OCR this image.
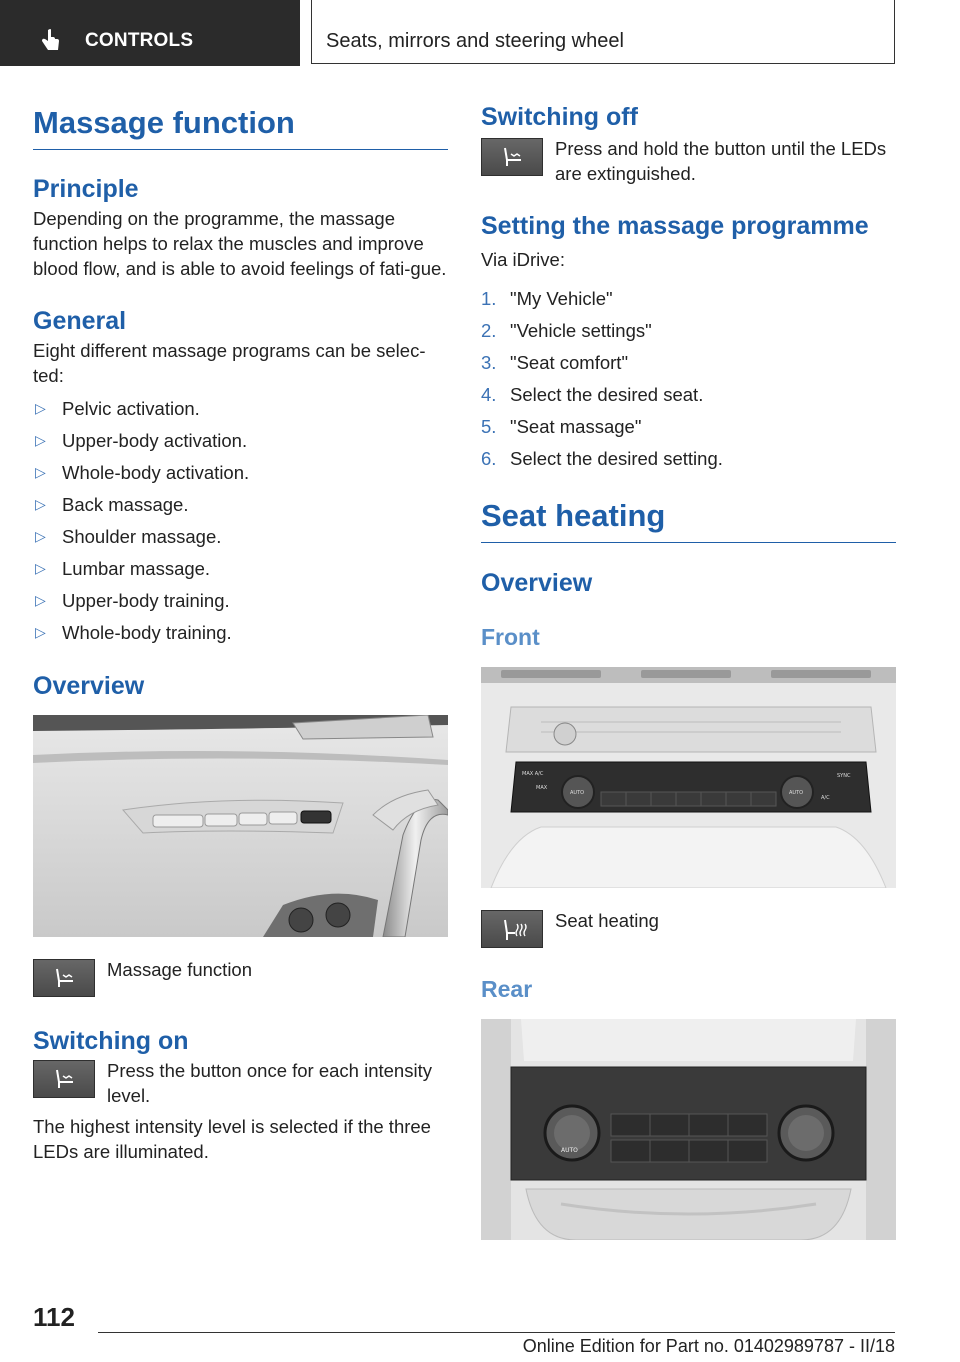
CONTROLS	Seats, mirrors and steering wheel
Massage function
Principle

Depending on the programme, the massage function helps to relax the muscles and improve blood flow, and is able to avoid feelings of fati‐gue.

General

Eight different massage programs can be selec‐ted:

▷ Pelvic activation.
▷ Upper-body activation.
▷ Whole-body activation.
▷ Back massage.
▷ Shoulder massage.
▷ Lumbar massage.
▷ Upper-body training.
▷ Whole-body training.
Overview

Massage function

Switching on

Press the button once for each intensity level.

The highest intensity level is selected if the three LEDs are illuminated.

Switching off

Press and hold the button until the LEDs are extinguished.

Setting the massage programme

Via iDrive:

1. "My Vehicle"
2. "Vehicle settings"
3. "Seat comfort"
4. Select the desired seat.
5. "Seat massage"
6. Select the desired setting.
Seat heating
Overview
Front
MAX A/C
MAX
AUTO	AUTO
SYNC
A/C

Seat heating

Rear
AUTO
112
Online Edition for Part no. 01402989787 - II/18
